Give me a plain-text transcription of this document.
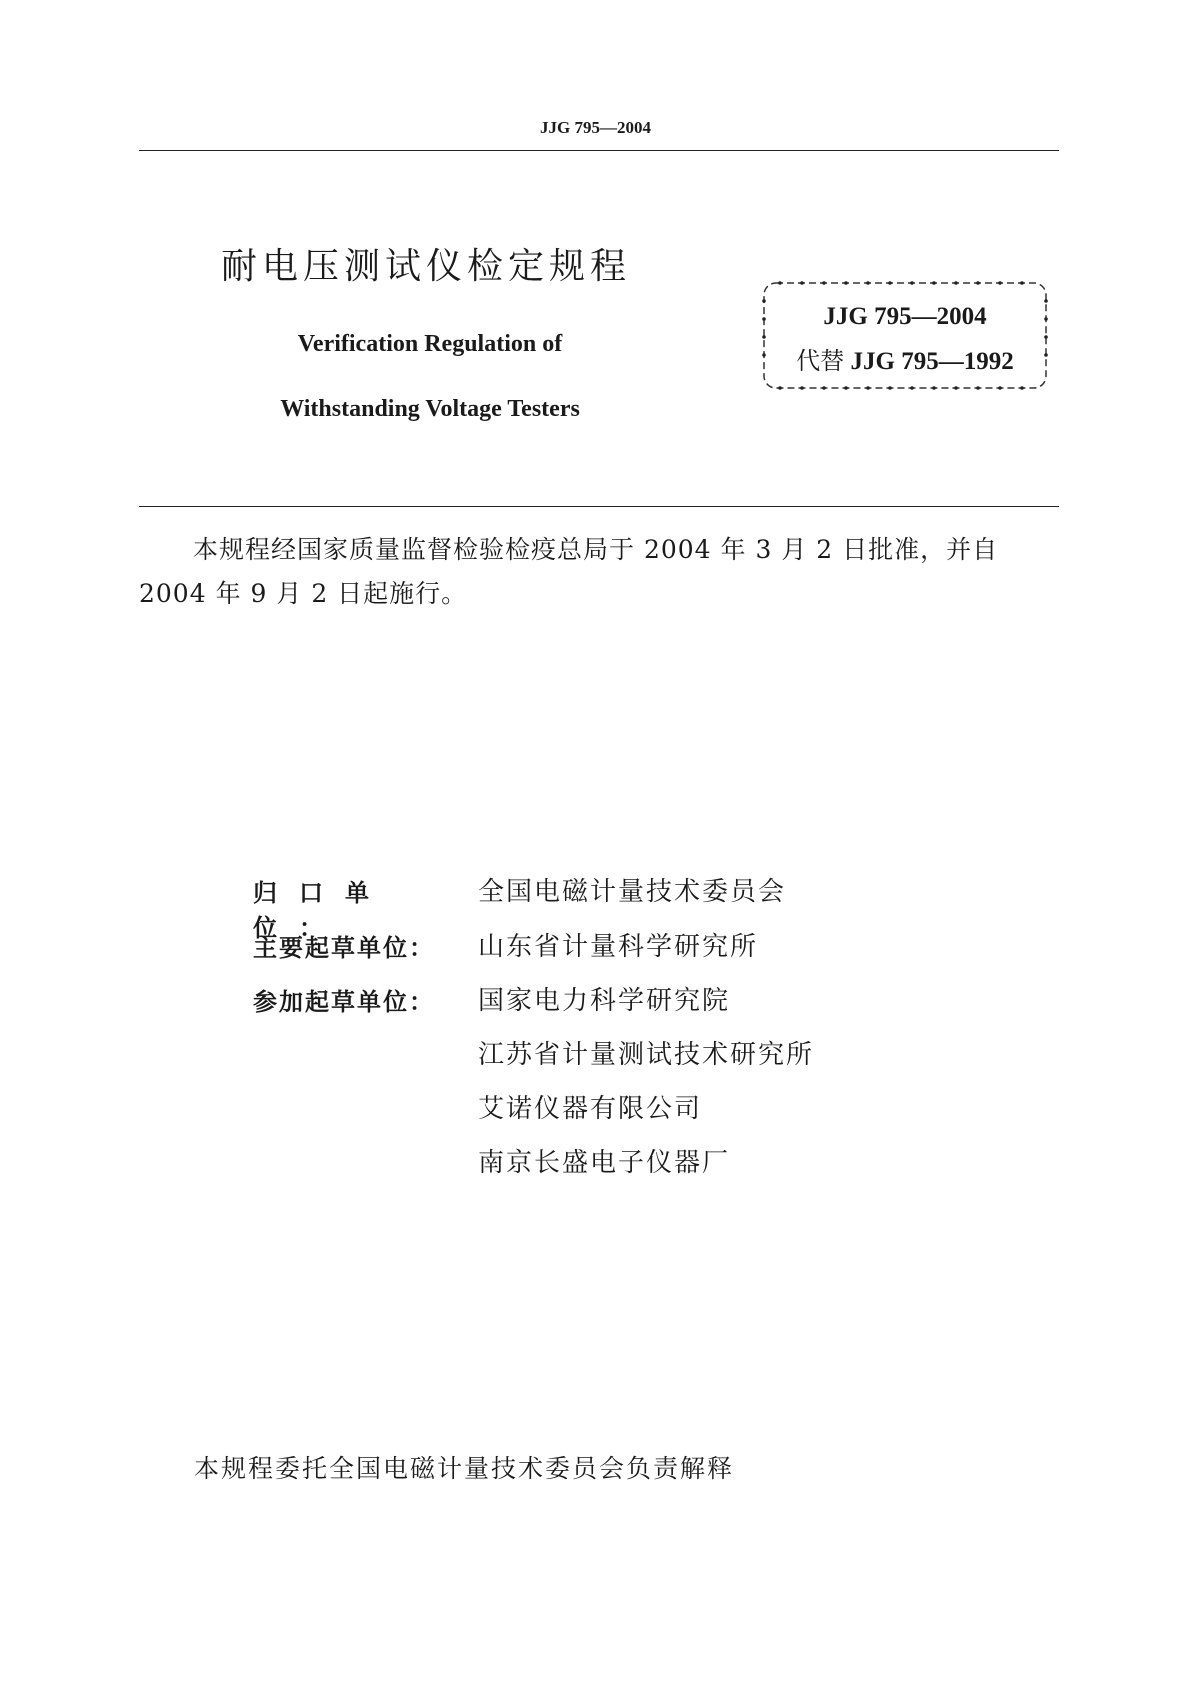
JJG 795—2004
耐电压测试仪检定规程
Verification Regulation of
Withstanding Voltage Testers
JJG 795—2004
代替 JJG 795—1992
本规程经国家质量监督检验检疫总局于 2004 年 3 月 2 日批准，并自
2004 年 9 月 2 日起施行。
归口单位：
全国电磁计量技术委员会
主要起草单位： 山东省计量科学研究所
参加起草单位： 国家电力科学研究院
江苏省计量测试技术研究所
艾诺仪器有限公司
南京长盛电子仪器厂
本规程委托全国电磁计量技术委员会负责解释
